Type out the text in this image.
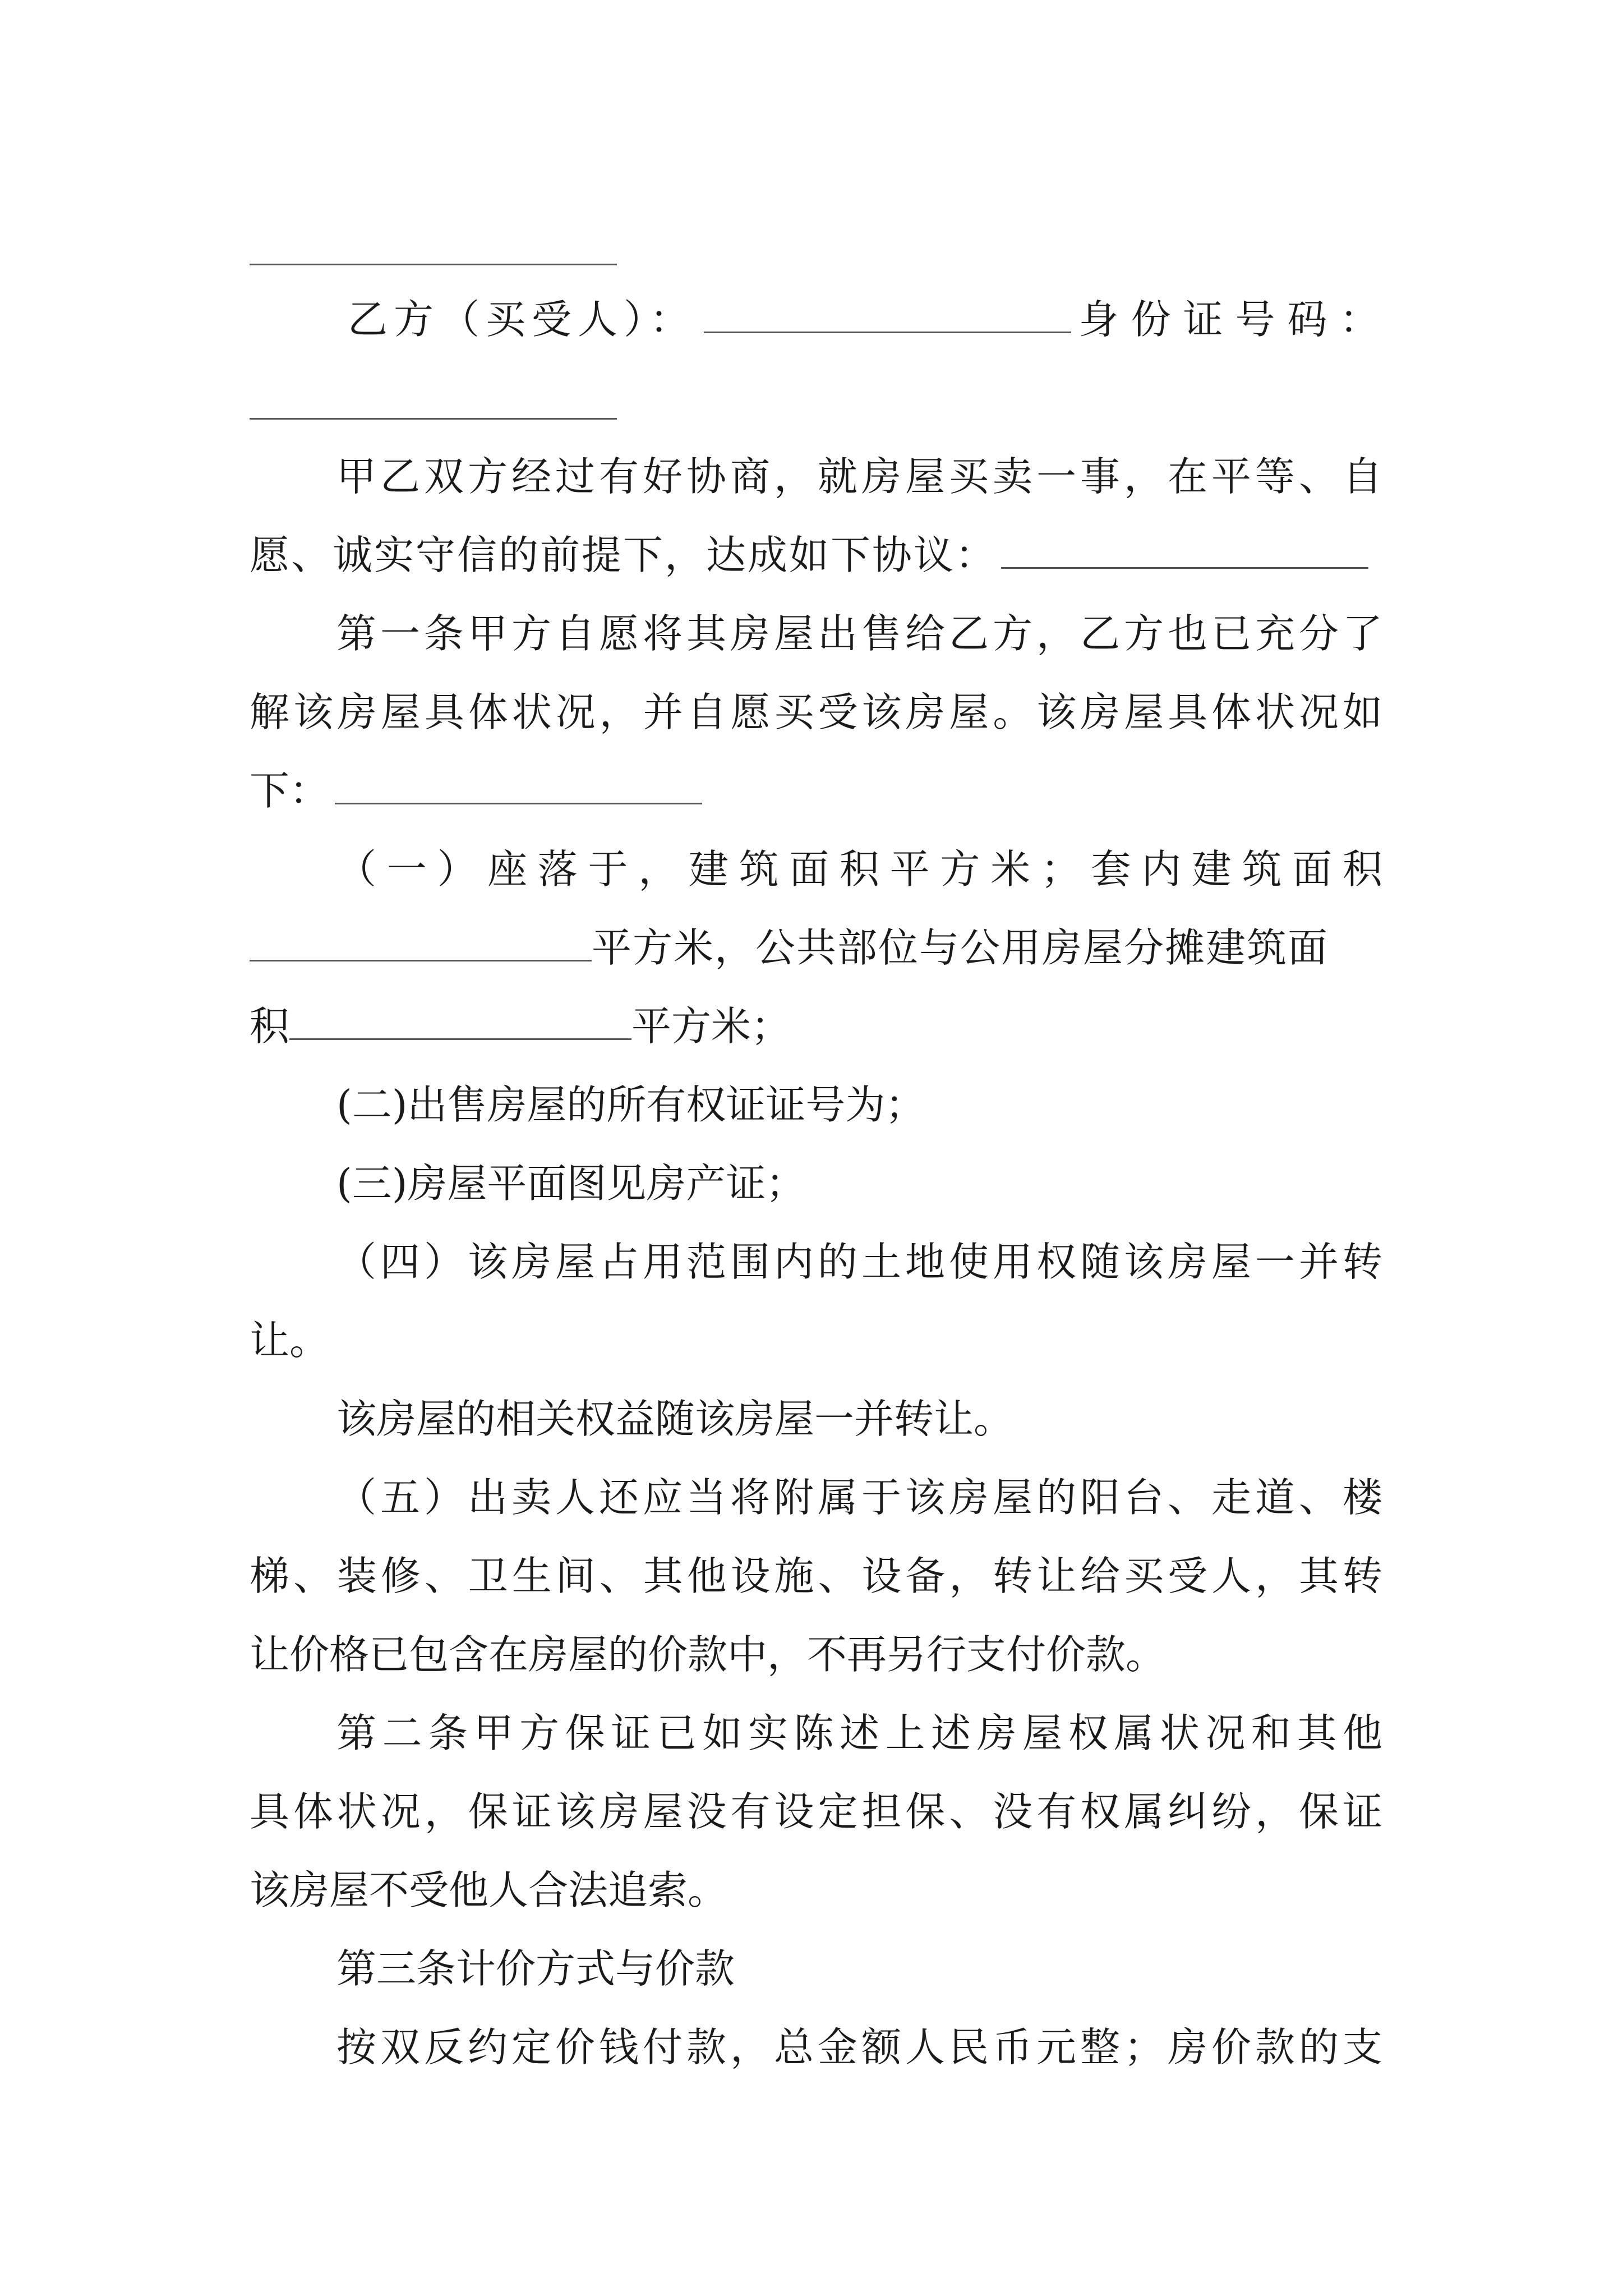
乙方（买受人）：	身份证号码：
甲乙双方经过有好协商，就房屋买卖一事，在平等、自
愿、诚实守信的前提下，达成如下协议：
第一条甲方自愿将其房屋出售给乙方，乙方也已充分了
解该房屋具体状况，并自愿买受该房屋。该房屋具体状况如
下：
（一）座落于，建筑面积平方米；套内建筑面积
平方米，公共部位与公用房屋分摊建筑面
积	平方米；
(二)出售房屋的所有权证证号为；
(三)房屋平面图见房产证；
（四）该房屋占用范围内的土地使用权随该房屋一并转
让。
该房屋的相关权益随该房屋一并转让。
（五）出卖人还应当将附属于该房屋的阳台、走道、楼
梯、装修、卫生间、其他设施、设备，转让给买受人，其转
让价格已包含在房屋的价款中，不再另行支付价款。
第二条甲方保证已如实陈述上述房屋权属状况和其他
具体状况，保证该房屋没有设定担保、没有权属纠纷，保证
该房屋不受他人合法追索。
第三条计价方式与价款
按双反约定价钱付款，总金额人民币元整；房价款的支
